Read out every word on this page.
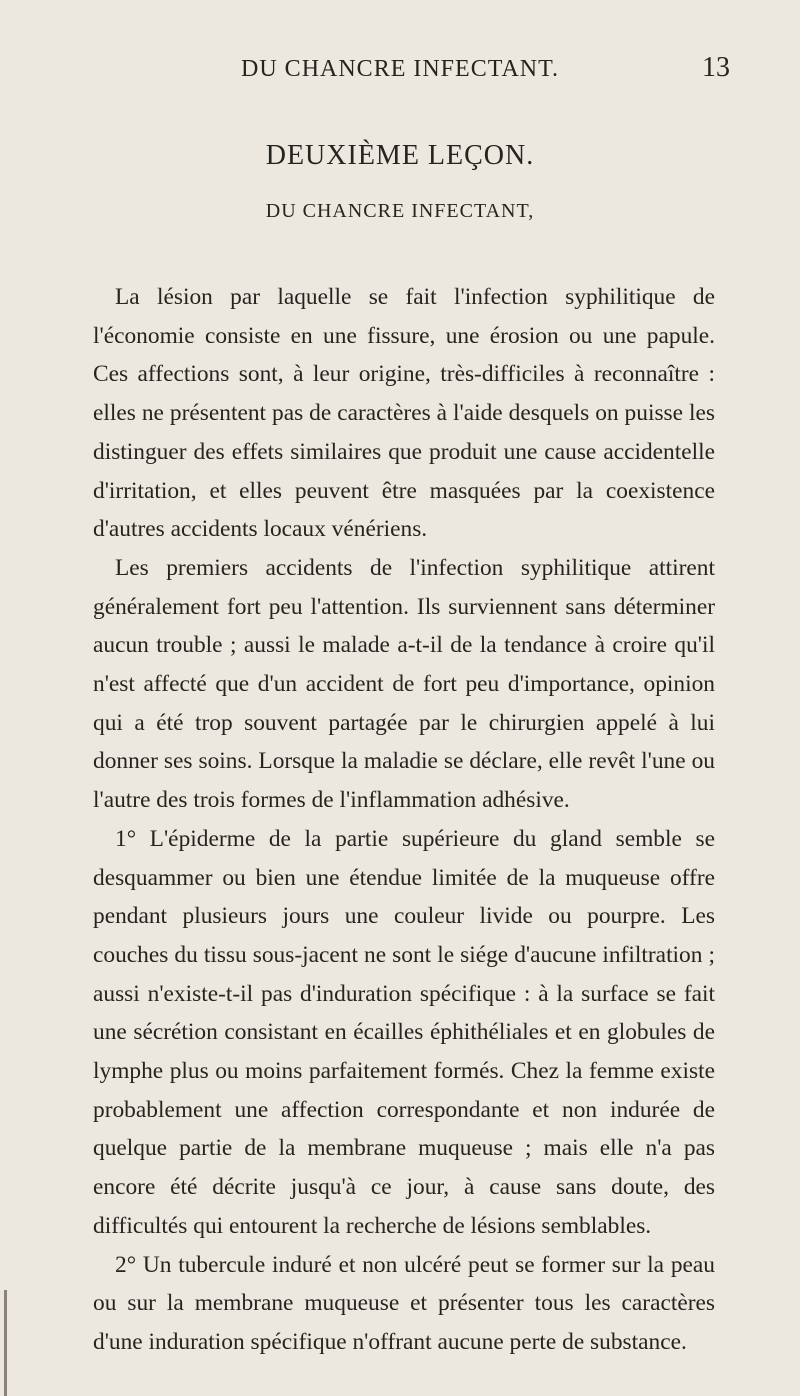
DU CHANCRE INFECTANT.	13
DEUXIÈME LEÇON.
DU CHANCRE INFECTANT,

La lésion par laquelle se fait l'infection syphilitique de l'économie consiste en une fissure, une érosion ou une papule. Ces affections sont, à leur origine, très-difficiles à reconnaître : elles ne présentent pas de caractères à l'aide desquels on puisse les distinguer des effets similaires que produit une cause accidentelle d'irritation, et elles peuvent être masquées par la coexistence d'autres accidents locaux vénériens.

Les premiers accidents de l'infection syphilitique attirent généralement fort peu l'attention. Ils surviennent sans déterminer aucun trouble ; aussi le malade a-t-il de la tendance à croire qu'il n'est affecté que d'un accident de fort peu d'importance, opinion qui a été trop souvent partagée par le chirurgien appelé à lui donner ses soins. Lorsque la maladie se déclare, elle revêt l'une ou l'autre des trois formes de l'inflammation adhésive.

1° L'épiderme de la partie supérieure du gland semble se desquammer ou bien une étendue limitée de la muqueuse offre pendant plusieurs jours une couleur livide ou pourpre. Les couches du tissu sous-jacent ne sont le siége d'aucune infiltration ; aussi n'existe-t-il pas d'induration spécifique : à la surface se fait une sécrétion consistant en écailles éphithéliales et en globules de lymphe plus ou moins parfaitement formés. Chez la femme existe probablement une affection correspondante et non indurée de quelque partie de la membrane muqueuse ; mais elle n'a pas encore été décrite jusqu'à ce jour, à cause sans doute, des difficultés qui entourent la recherche de lésions semblables.

2° Un tubercule induré et non ulcéré peut se former sur la peau ou sur la membrane muqueuse et présenter tous les caractères d'une induration spécifique n'offrant aucune perte de substance.
